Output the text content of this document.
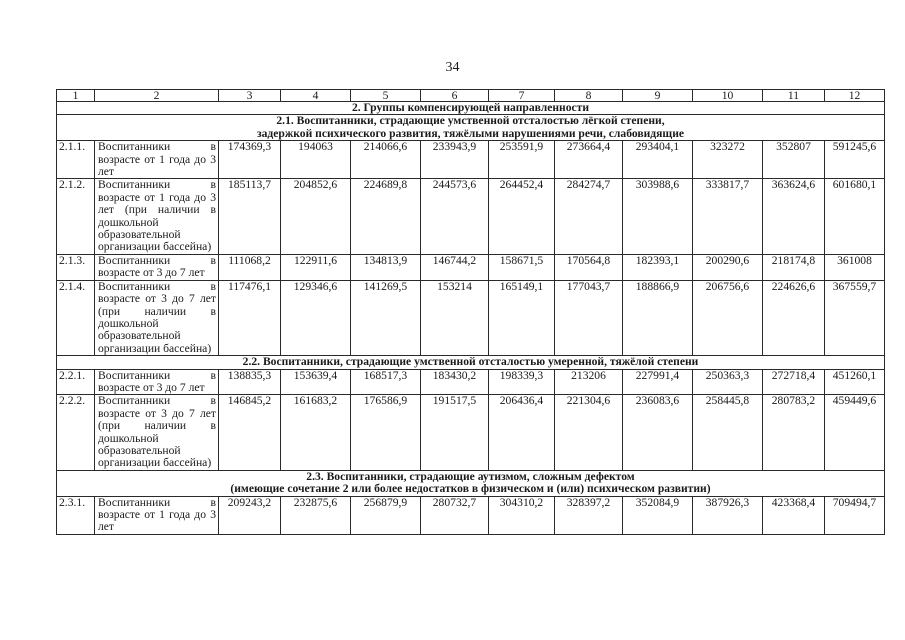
34
1	2	3	4	5	6	7	8	9	10	11	12
2. Группы компенсирующей направленности											
2.1. Воспитанники, страдающие умственной отсталостью лёгкой степени,
задержкой психического развития, тяжёлыми нарушениями речи, слабовидящие											
2.1.1.	Воспитанники в возрасте от 1 года до 3 лет	174369,3	194063	214066,6	233943,9	253591,9	273664,4	293404,1	323272	352807	591245,6
2.1.2.	Воспитанники в возрасте от 1 года до 3 лет (при наличии в дошкольной образовательной организации бассейна)	185113,7	204852,6	224689,8	244573,6	264452,4	284274,7	303988,6	333817,7	363624,6	601680,1
2.1.3.	Воспитанники в возрасте от 3 до 7 лет	111068,2	122911,6	134813,9	146744,2	158671,5	170564,8	182393,1	200290,6	218174,8	361008
2.1.4.	Воспитанники в возрасте от 3 до 7 лет (при наличии в дошкольной образовательной организации бассейна)	117476,1	129346,6	141269,5	153214	165149,1	177043,7	188866,9	206756,6	224626,6	367559,7
2.2. Воспитанники, страдающие умственной отсталостью умеренной, тяжёлой степени											
2.2.1.	Воспитанники в возрасте от 3 до 7 лет	138835,3	153639,4	168517,3	183430,2	198339,3	213206	227991,4	250363,3	272718,4	451260,1
2.2.2.	Воспитанники в возрасте от 3 до 7 лет (при наличии в дошкольной образовательной организации бассейна)	146845,2	161683,2	176586,9	191517,5	206436,4	221304,6	236083,6	258445,8	280783,2	459449,6
2.3. Воспитанники, страдающие аутизмом, сложным дефектом
(имеющие сочетание 2 или более недостатков в физическом и (или) психическом развитии)											
2.3.1.	Воспитанники в возрасте от 1 года до 3 лет	209243,2	232875,6	256879,9	280732,7	304310,2	328397,2	352084,9	387926,3	423368,4	709494,7
